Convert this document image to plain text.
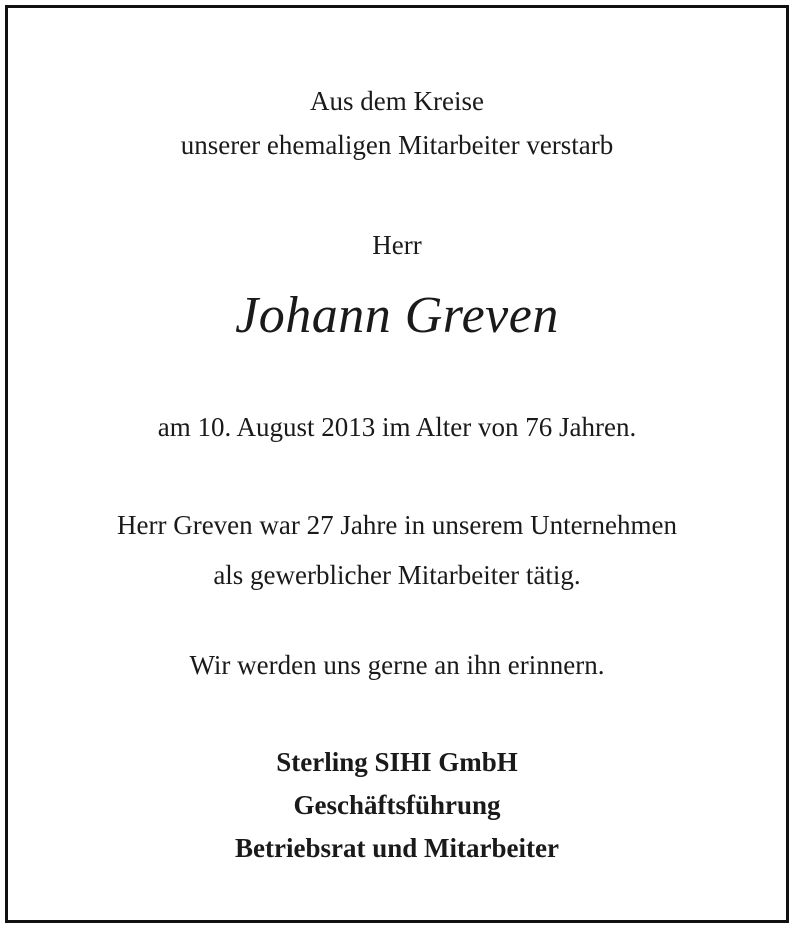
Aus dem Kreise
unserer ehemaligen Mitarbeiter verstarb
Herr
Johann Greven
am 10. August 2013 im Alter von 76 Jahren.
Herr Greven war 27 Jahre in unserem Unternehmen
als gewerblicher Mitarbeiter tätig.
Wir werden uns gerne an ihn erinnern.
Sterling SIHI GmbH
Geschäftsführung
Betriebsrat und Mitarbeiter
